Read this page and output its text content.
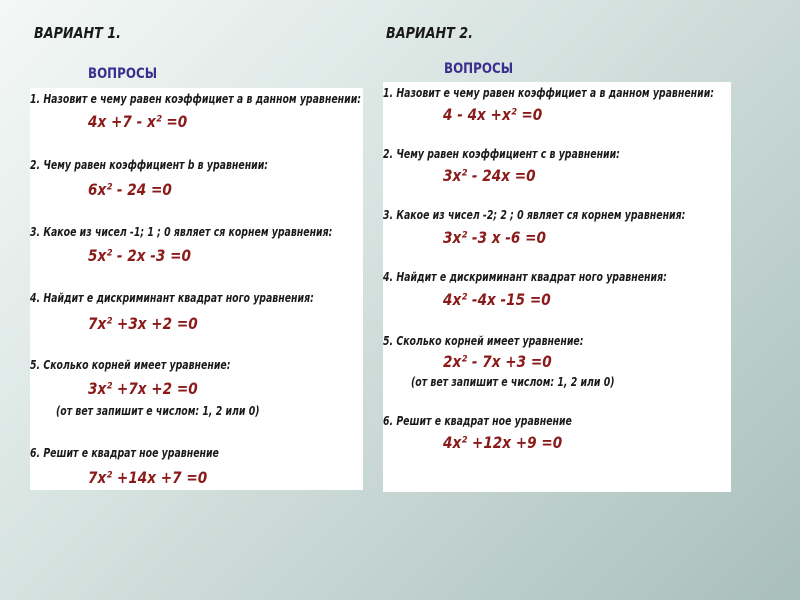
ВАРИАНТ 1.
ВОПРОСЫ
1. Назовит е чему равен коэффициет а в данном уравнении:
4х +7 - х² =0
2. Чему равен коэффициент b в уравнении:
6х² - 24 =0
3. Какое из чисел -1; 1 ; 0 являет ся корнем уравнения:
5х² - 2х -3 =0
4. Найдит е дискриминант квадрат ного уравнения:
7х² +3х +2 =0
5. Сколько корней имеет уравнение:
3х² +7х +2 =0
(от вет запишит е числом: 1, 2 или 0)
6. Решит е квадрат ное уравнение
7х² +14х +7 =0
ВАРИАНТ 2.
ВОПРОСЫ
1. Назовит е чему равен коэффициет а в данном уравнении:
4 - 4х +х² =0
2. Чему равен коэффициент с в уравнении:
3х² - 24х =0
3. Какое из чисел -2; 2 ; 0 являет ся корнем уравнения:
3х² -3 х -6 =0
4. Найдит е дискриминант квадрат ного уравнения:
4х² -4х -15 =0
5. Сколько корней имеет уравнение:
2х² - 7х +3 =0
(от вет запишит е числом: 1, 2 или 0)
6. Решит е квадрат ное уравнение
4х² +12х +9 =0
